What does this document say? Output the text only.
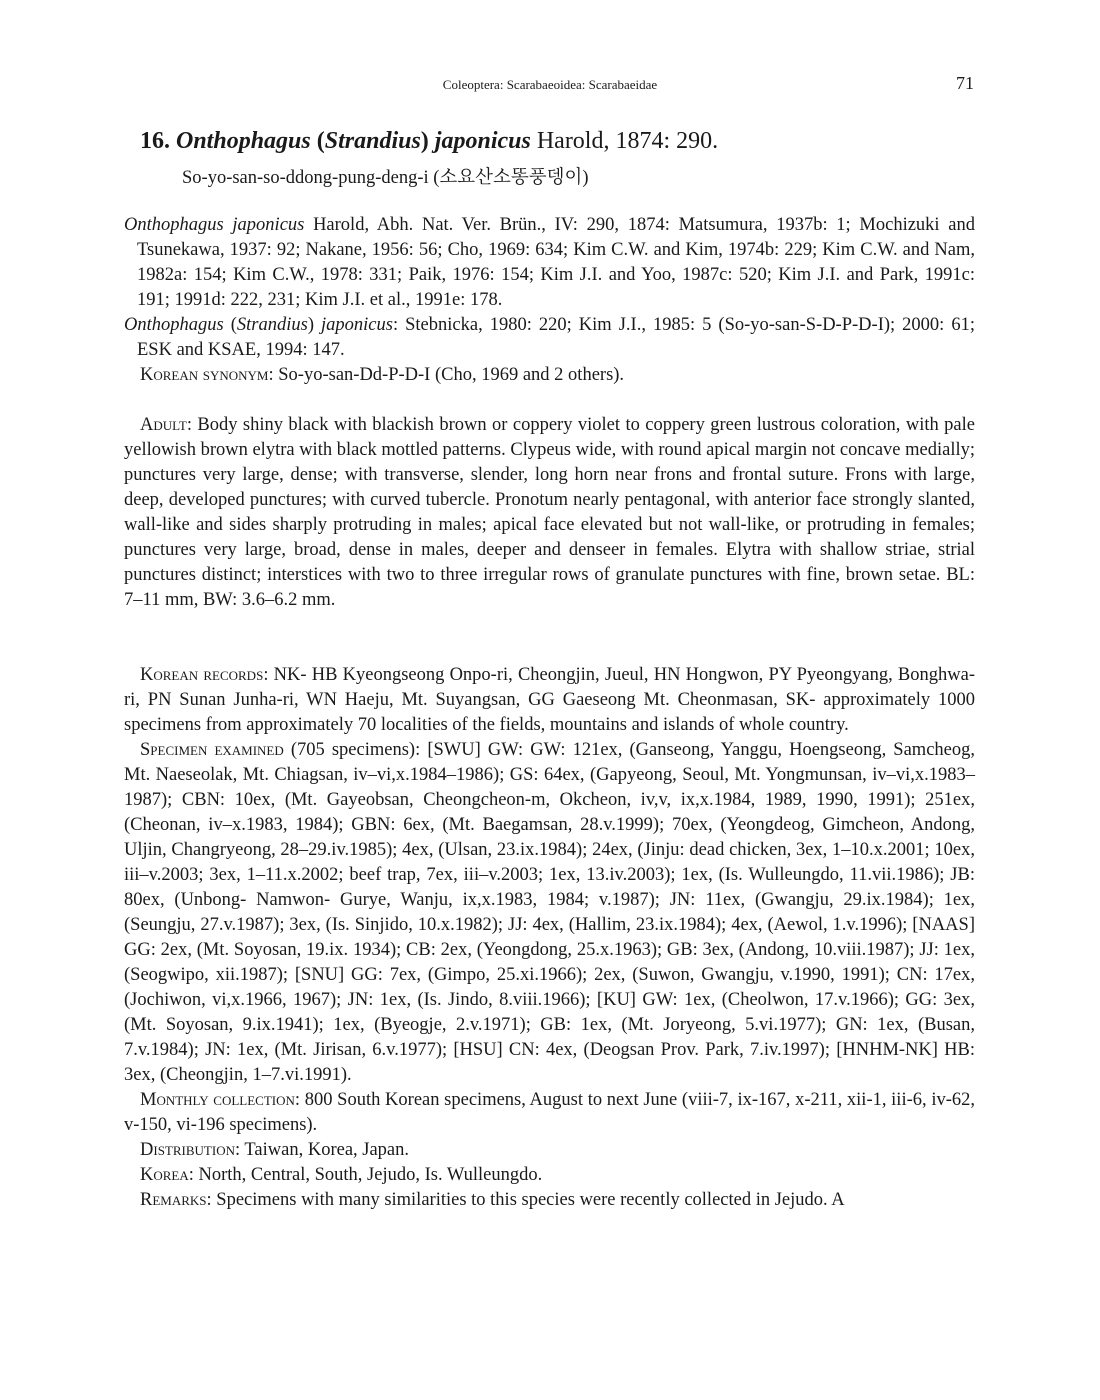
Coleoptera: Scarabaeoidea: Scarabaeidae	71
16. Onthophagus (Strandius) japonicus Harold, 1874: 290.
So-yo-san-so-ddong-pung-deng-i (소요산소똥풍뎅이)

Onthophagus japonicus Harold, Abh. Nat. Ver. Brün., IV: 290, 1874: Matsumura, 1937b: 1; Mochizuki and Tsunekawa, 1937: 92; Nakane, 1956: 56; Cho, 1969: 634; Kim C.W. and Kim, 1974b: 229; Kim C.W. and Nam, 1982a: 154; Kim C.W., 1978: 331; Paik, 1976: 154; Kim J.I. and Yoo, 1987c: 520; Kim J.I. and Park, 1991c: 191; 1991d: 222, 231; Kim J.I. et al., 1991e: 178.

Onthophagus (Strandius) japonicus: Stebnicka, 1980: 220; Kim J.I., 1985: 5 (So-yo-san-S-D-P-D-I); 2000: 61; ESK and KSAE, 1994: 147.

Korean synonym: So-yo-san-Dd-P-D-I (Cho, 1969 and 2 others).

Adult: Body shiny black with blackish brown or coppery violet to coppery green lustrous coloration, with pale yellowish brown elytra with black mottled patterns. Clypeus wide, with round apical margin not concave medially; punctures very large, dense; with transverse, slender, long horn near frons and frontal suture. Frons with large, deep, developed punctures; with curved tubercle. Pronotum nearly pentagonal, with anterior face strongly slanted, wall-like and sides sharply protruding in males; apical face elevated but not wall-like, or protruding in females; punctures very large, broad, dense in males, deeper and denseer in females. Elytra with shallow striae, strial punctures distinct; interstices with two to three irregular rows of granulate punctures with fine, brown setae. BL: 7–11 mm, BW: 3.6–6.2 mm.

Korean records: NK- HB Kyeongseong Onpo-ri, Cheongjin, Jueul, HN Hongwon, PY Pyeongyang, Bonghwa-ri, PN Sunan Junha-ri, WN Haeju, Mt. Suyangsan, GG Gaeseong Mt. Cheonmasan, SK- approximately 1000 specimens from approximately 70 localities of the fields, mountains and islands of whole country.

Specimen examined (705 specimens): [SWU] GW: GW: 121ex, (Ganseong, Yanggu, Hoengseong, Samcheog, Mt. Naeseolak, Mt. Chiagsan, iv–vi,x.1984–1986); GS: 64ex, (Gapyeong, Seoul, Mt. Yongmunsan, iv–vi,x.1983–1987); CBN: 10ex, (Mt. Gayeobsan, Cheongcheon-m, Okcheon, iv,v, ix,x.1984, 1989, 1990, 1991); 251ex, (Cheonan, iv–x.1983, 1984); GBN: 6ex, (Mt. Baegamsan, 28.v.1999); 70ex, (Yeongdeog, Gimcheon, Andong, Uljin, Changryeong, 28–29.iv.1985); 4ex, (Ulsan, 23.ix.1984); 24ex, (Jinju: dead chicken, 3ex, 1–10.x.2001; 10ex, iii–v.2003; 3ex, 1–11.x.2002; beef trap, 7ex, iii–v.2003; 1ex, 13.iv.2003); 1ex, (Is. Wulleungdo, 11.vii.1986); JB: 80ex, (Unbong- Namwon- Gurye, Wanju, ix,x.1983, 1984; v.1987); JN: 11ex, (Gwangju, 29.ix.1984); 1ex, (Seungju, 27.v.1987); 3ex, (Is. Sinjido, 10.x.1982); JJ: 4ex, (Hallim, 23.ix.1984); 4ex, (Aewol, 1.v.1996); [NAAS] GG: 2ex, (Mt. Soyosan, 19.ix. 1934); CB: 2ex, (Yeongdong, 25.x.1963); GB: 3ex, (Andong, 10.viii.1987); JJ: 1ex, (Seogwipo, xii.1987); [SNU] GG: 7ex, (Gimpo, 25.xi.1966); 2ex, (Suwon, Gwangju, v.1990, 1991); CN: 17ex, (Jochiwon, vi,x.1966, 1967); JN: 1ex, (Is. Jindo, 8.viii.1966); [KU] GW: 1ex, (Cheolwon, 17.v.1966); GG: 3ex, (Mt. Soyosan, 9.ix.1941); 1ex, (Byeogje, 2.v.1971); GB: 1ex, (Mt. Joryeong, 5.vi.1977); GN: 1ex, (Busan, 7.v.1984); JN: 1ex, (Mt. Jirisan, 6.v.1977); [HSU] CN: 4ex, (Deogsan Prov. Park, 7.iv.1997); [HNHM-NK] HB: 3ex, (Cheongjin, 1–7.vi.1991).

Monthly collection: 800 South Korean specimens, August to next June (viii-7, ix-167, x-211, xii-1, iii-6, iv-62, v-150, vi-196 specimens).

Distribution: Taiwan, Korea, Japan.

Korea: North, Central, South, Jejudo, Is. Wulleungdo.

Remarks: Specimens with many similarities to this species were recently collected in Jejudo. A
